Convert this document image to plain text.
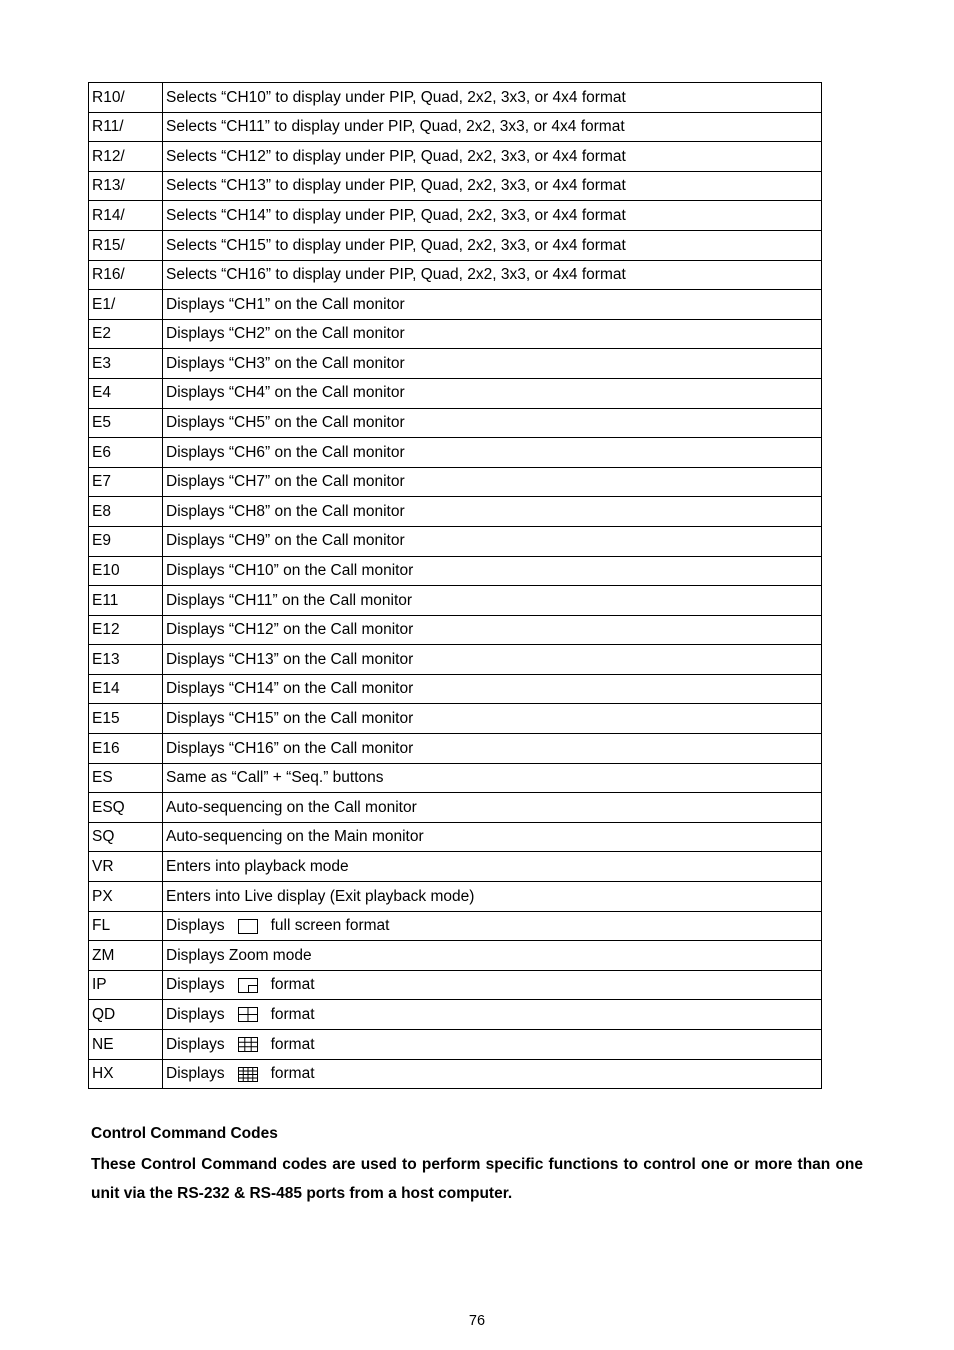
R10/	Selects “CH10” to display under PIP, Quad, 2x2, 3x3, or 4x4 format
R11/	Selects “CH11” to display under PIP, Quad, 2x2, 3x3, or 4x4 format
R12/	Selects “CH12” to display under PIP, Quad, 2x2, 3x3, or 4x4 format
R13/	Selects “CH13” to display under PIP, Quad, 2x2, 3x3, or 4x4 format
R14/	Selects “CH14” to display under PIP, Quad, 2x2, 3x3, or 4x4 format
R15/	Selects “CH15” to display under PIP, Quad, 2x2, 3x3, or 4x4 format
R16/	Selects “CH16” to display under PIP, Quad, 2x2, 3x3, or 4x4 format
E1/	Displays “CH1” on the Call monitor
E2	Displays “CH2” on the Call monitor
E3	Displays “CH3” on the Call monitor
E4	Displays “CH4” on the Call monitor
E5	Displays “CH5” on the Call monitor
E6	Displays “CH6” on the Call monitor
E7	Displays “CH7” on the Call monitor
E8	Displays “CH8” on the Call monitor
E9	Displays “CH9” on the Call monitor
E10	Displays “CH10” on the Call monitor
E11	Displays “CH11” on the Call monitor
E12	Displays “CH12” on the Call monitor
E13	Displays “CH13” on the Call monitor
E14	Displays “CH14” on the Call monitor
E15	Displays “CH15” on the Call monitor
E16	Displays “CH16” on the Call monitor
ES	Same as “Call” + “Seq.” buttons
ESQ	Auto-sequencing on the Call monitor
SQ	Auto-sequencing on the Main monitor
VR	Enters into playback mode
PX	Enters into Live display (Exit playback mode)
FL	Displays full screen format
ZM	Displays Zoom mode
IP	Displays format
QD	Displays format
NE	Displays format
HX	Displays format

Control Command Codes

These Control Command codes are used to perform specific functions to control one or more than one unit via the RS-232 & RS-485 ports from a host computer.

76
